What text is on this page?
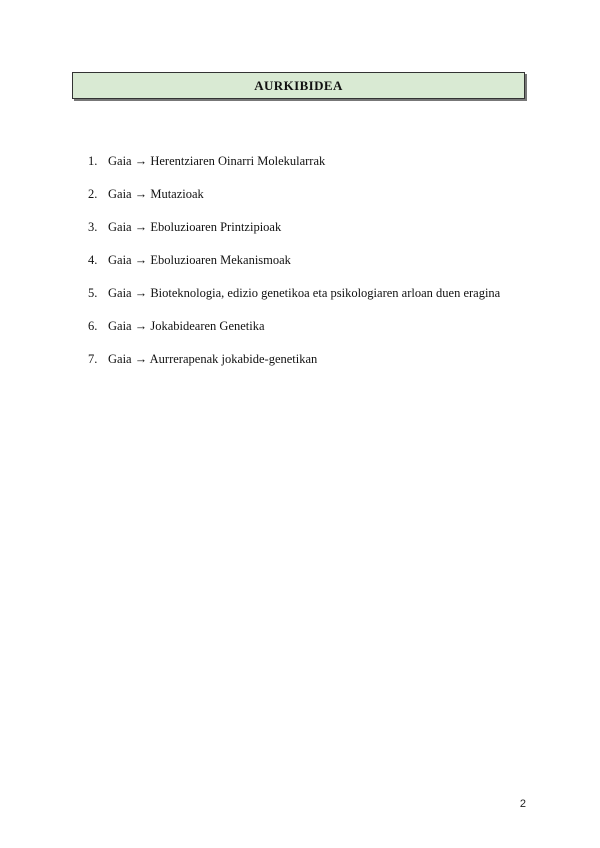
AURKIBIDEA
1. Gaia → Herentziaren Oinarri Molekularrak
2. Gaia → Mutazioak
3. Gaia → Eboluzioaren Printzipioak
4. Gaia → Eboluzioaren Mekanismoak
5. Gaia → Bioteknologia, edizio genetikoa eta psikologiaren arloan duen eragina
6. Gaia → Jokabidearen Genetika
7. Gaia → Aurrerapenak jokabide-genetikan
2
